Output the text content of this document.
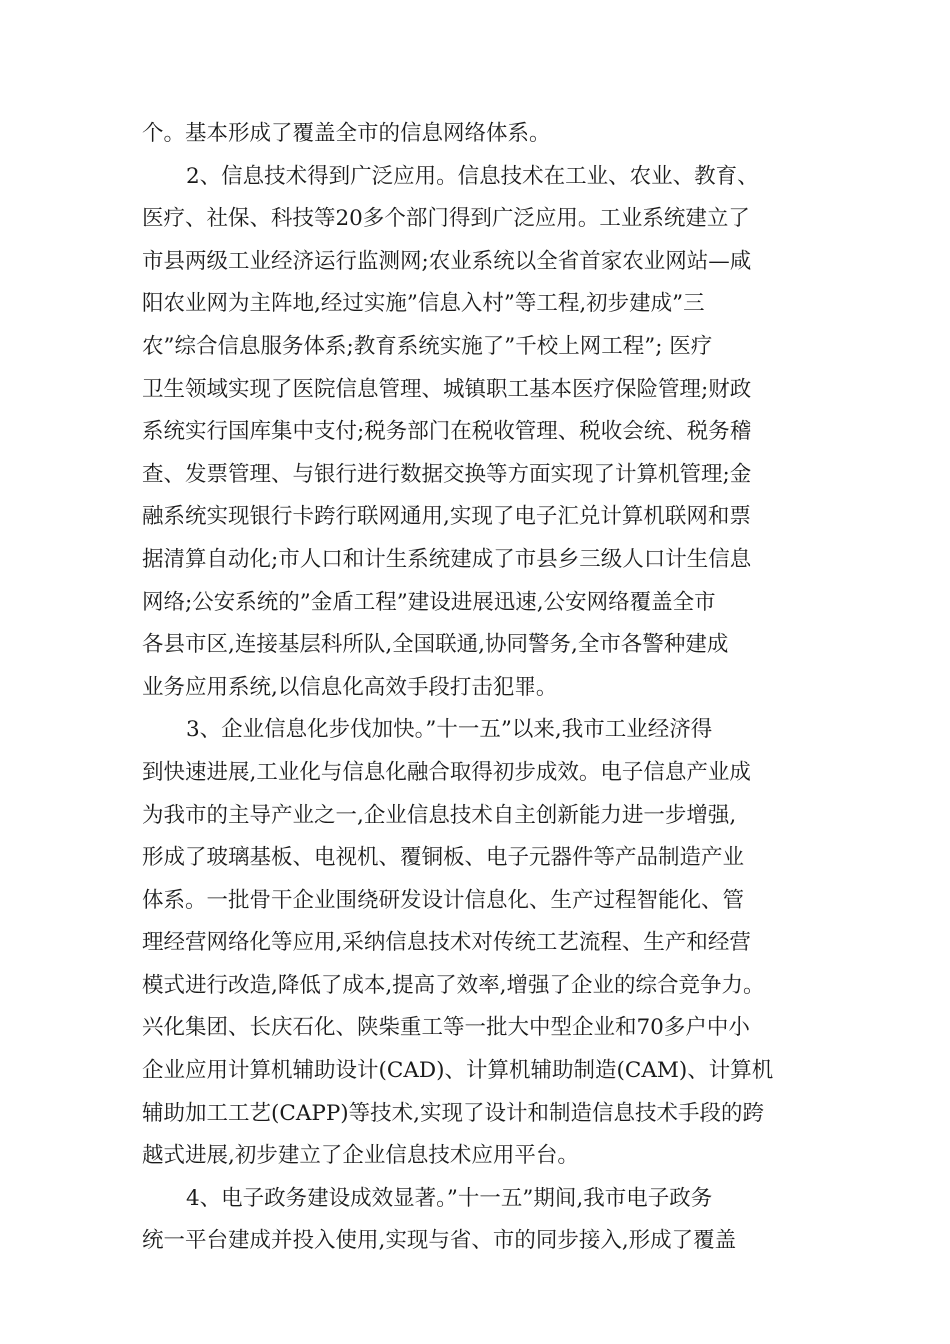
个。基本形成了覆盖全市的信息网络体系。
2、信息技术得到广泛应用。信息技术在工业、农业、教育、
医疗、社保、科技等20多个部门得到广泛应用。工业系统建立了
市县两级工业经济运行监测网;农业系统以全省首家农业网站—咸
阳农业网为主阵地,经过实施”信息入村”等工程,初步建成”三
农”综合信息服务体系;教育系统实施了”千校上网工程”; 医疗
卫生领域实现了医院信息管理、城镇职工基本医疗保险管理;财政
系统实行国库集中支付;税务部门在税收管理、税收会统、税务稽
查、发票管理、与银行进行数据交换等方面实现了计算机管理;金
融系统实现银行卡跨行联网通用,实现了电子汇兑计算机联网和票
据清算自动化;市人口和计生系统建成了市县乡三级人口计生信息
网络;公安系统的”金盾工程”建设进展迅速,公安网络覆盖全市
各县市区,连接基层科所队,全国联通,协同警务,全市各警种建成
业务应用系统,以信息化高效手段打击犯罪。
3、企业信息化步伐加快。”十一五”以来,我市工业经济得
到快速进展,工业化与信息化融合取得初步成效。电子信息产业成
为我市的主导产业之一,企业信息技术自主创新能力进一步增强,
形成了玻璃基板、电视机、覆铜板、电子元器件等产品制造产业
体系。一批骨干企业围绕研发设计信息化、生产过程智能化、管
理经营网络化等应用,采纳信息技术对传统工艺流程、生产和经营
模式进行改造,降低了成本,提高了效率,增强了企业的综合竞争力。
兴化集团、长庆石化、陕柴重工等一批大中型企业和70多户中小
企业应用计算机辅助设计(CAD)、计算机辅助制造(CAM)、计算机
辅助加工工艺(CAPP)等技术,实现了设计和制造信息技术手段的跨
越式进展,初步建立了企业信息技术应用平台。
4、电子政务建设成效显著。”十一五”期间,我市电子政务
统一平台建成并投入使用,实现与省、市的同步接入,形成了覆盖
